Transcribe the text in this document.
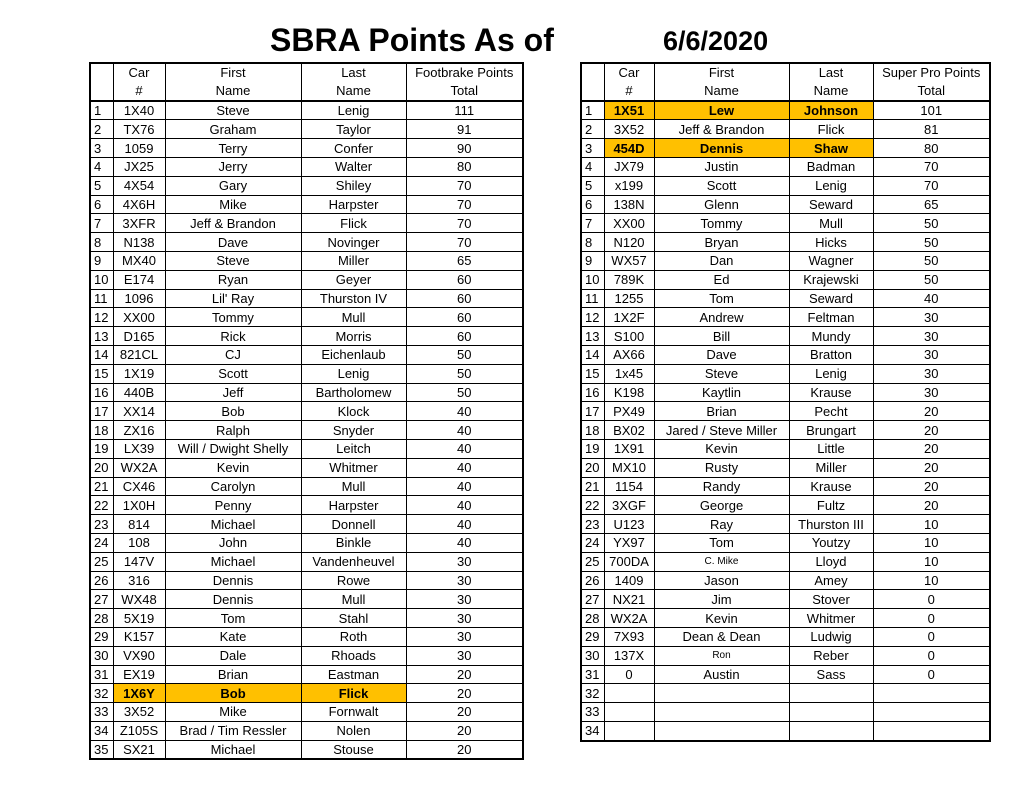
SBRA Points As of	6/6/2020
	Car	First	Last	Footbrake Points
	#	Name	Name	Total
1	1X40	Steve	Lenig	111
2	TX76	Graham	Taylor	91
3	1059	Terry	Confer	90
4	JX25	Jerry	Walter	80
5	4X54	Gary	Shiley	70
6	4X6H	Mike	Harpster	70
7	3XFR	Jeff & Brandon	Flick	70
8	N138	Dave	Novinger	70
9	MX40	Steve	Miller	65
10	E174	Ryan	Geyer	60
11	1096	Lil' Ray	Thurston IV	60
12	XX00	Tommy	Mull	60
13	D165	Rick	Morris	60
14	821CL	CJ	Eichenlaub	50
15	1X19	Scott	Lenig	50
16	440B	Jeff	Bartholomew	50
17	XX14	Bob	Klock	40
18	ZX16	Ralph	Snyder	40
19	LX39	Will / Dwight Shelly	Leitch	40
20	WX2A	Kevin	Whitmer	40
21	CX46	Carolyn	Mull	40
22	1X0H	Penny	Harpster	40
23	814	Michael	Donnell	40
24	108	John	Binkle	40
25	147V	Michael	Vandenheuvel	30
26	316	Dennis	Rowe	30
27	WX48	Dennis	Mull	30
28	5X19	Tom	Stahl	30
29	K157	Kate	Roth	30
30	VX90	Dale	Rhoads	30
31	EX19	Brian	Eastman	20
32	1X6Y	Bob	Flick	20
33	3X52	Mike	Fornwalt	20
34	Z105S	Brad / Tim Ressler	Nolen	20
35	SX21	Michael	Stouse	20
	Car	First	Last	Super Pro Points
	#	Name	Name	Total
1	1X51	Lew	Johnson	101
2	3X52	Jeff & Brandon	Flick	81
3	454D	Dennis	Shaw	80
4	JX79	Justin	Badman	70
5	x199	Scott	Lenig	70
6	138N	Glenn	Seward	65
7	XX00	Tommy	Mull	50
8	N120	Bryan	Hicks	50
9	WX57	Dan	Wagner	50
10	789K	Ed	Krajewski	50
11	1255	Tom	Seward	40
12	1X2F	Andrew	Feltman	30
13	S100	Bill	Mundy	30
14	AX66	Dave	Bratton	30
15	1x45	Steve	Lenig	30
16	K198	Kaytlin	Krause	30
17	PX49	Brian	Pecht	20
18	BX02	Jared / Steve Miller	Brungart	20
19	1X91	Kevin	Little	20
20	MX10	Rusty	Miller	20
21	1154	Randy	Krause	20
22	3XGF	George	Fultz	20
23	U123	Ray	Thurston III	10
24	YX97	Tom	Youtzy	10
25	700DA	C. Mike	Lloyd	10
26	1409	Jason	Amey	10
27	NX21	Jim	Stover	0
28	WX2A	Kevin	Whitmer	0
29	7X93	Dean & Dean	Ludwig	0
30	137X	Ron	Reber	0
31	0	Austin	Sass	0
32				
33				
34				
